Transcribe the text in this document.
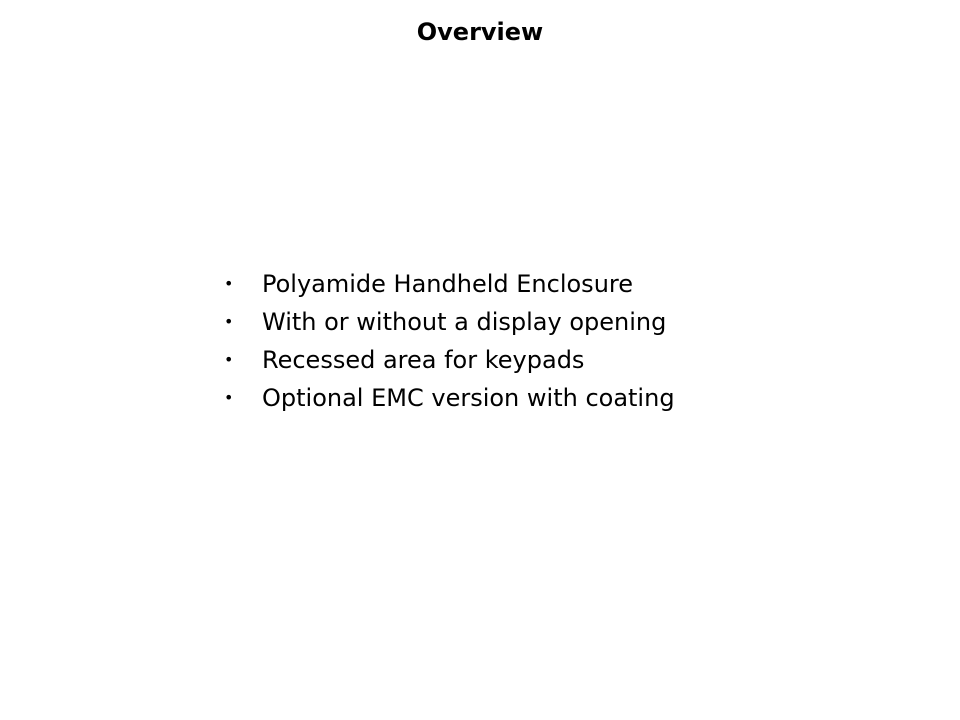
Overview
• Polyamide Handheld Enclosure
• With or without a display opening
• Recessed area for keypads
• Optional EMC version with coating
